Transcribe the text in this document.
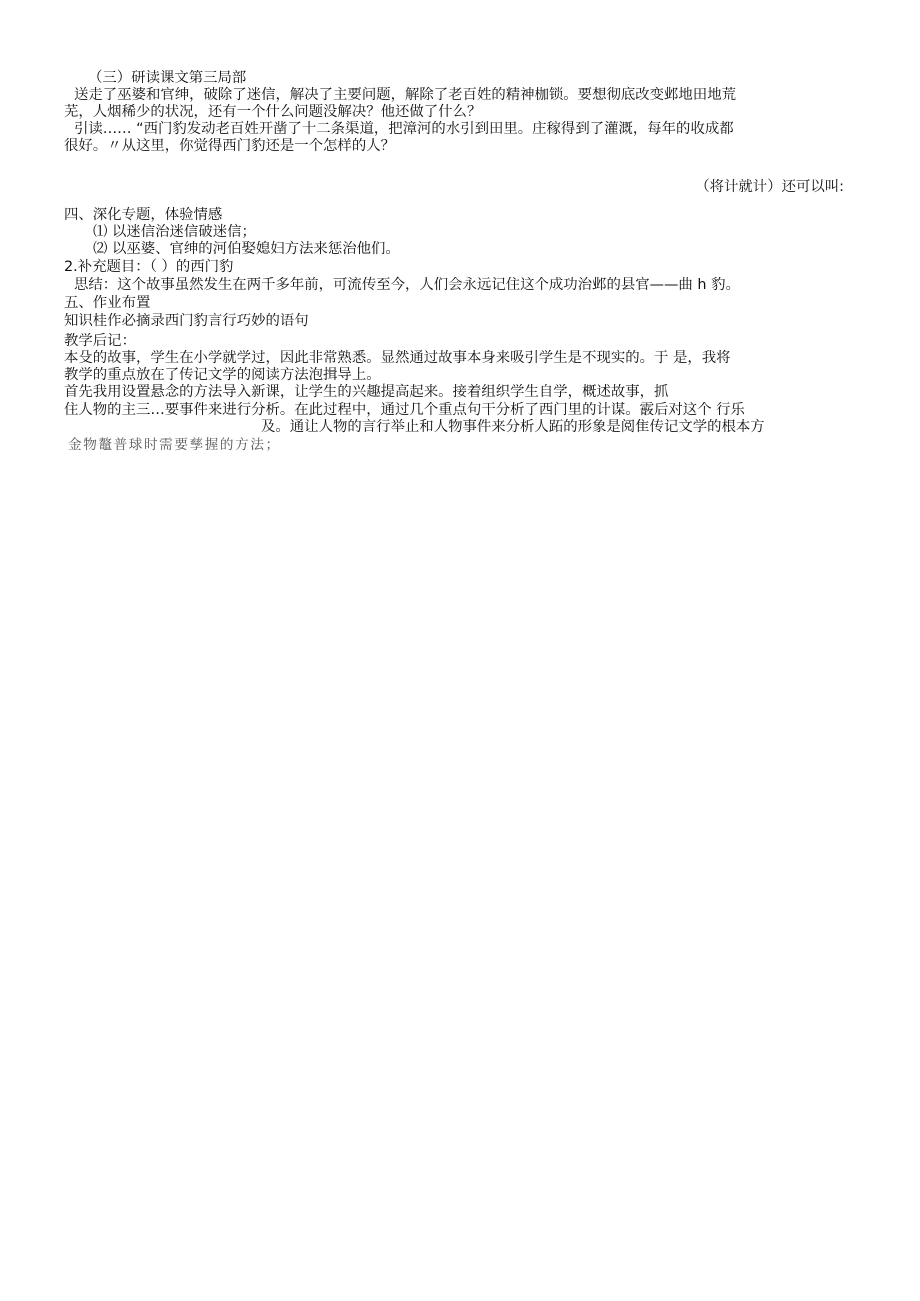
（三）研读课文第三局部
送走了巫婆和官绅，破除了迷信，解决了主要问题，解除了老百姓的精神枷锁。要想彻底改变邺地田地荒
芜，人烟稀少的状况，还有一个什么问题没解决？他还做了什么？
引读…… “西门豹发动老百姓开凿了十二条渠道，把漳河的水引到田里。庄稼得到了灌溉，每年的收成都
很好。〃从这里，你觉得西门豹还是一个怎样的人？
（将计就计）还可以叫:
四、深化专题，体验情感
⑴ 以迷信治迷信破迷信；
⑵ 以巫婆、官绅的河伯娶媳妇方法来惩治他们。
2.补充题目：（ ）的西门豹
思结：这个故事虽然发生在两千多年前，可流传至今，人们会永远记住这个成功治邺的县官——曲 h 豹。
五、作业布置
知识桂作必摘录西门豹言行巧妙的语句
教学后记：
本殳的故事，学生在小学就学过，因此非常熟悉。显然通过故事本身来吸引学生是不现实的。于 是，我将
教学的重点放在了传记文学的阅读方法泡揖导上。
首先我用设置悬念的方法导入新课，让学生的兴趣提高起来。接着组织学生自学，概述故事，抓
住人物的主三…要事件来进行分析。在此过程中，通过几个重点句干分析了西门里的计谋。霰后对这个 行乐
及。通让人物的言行举止和人物事件来分析人跖的形象是阅隹传记文学的根本方
金物鼇普球时需要孳握的方法；
